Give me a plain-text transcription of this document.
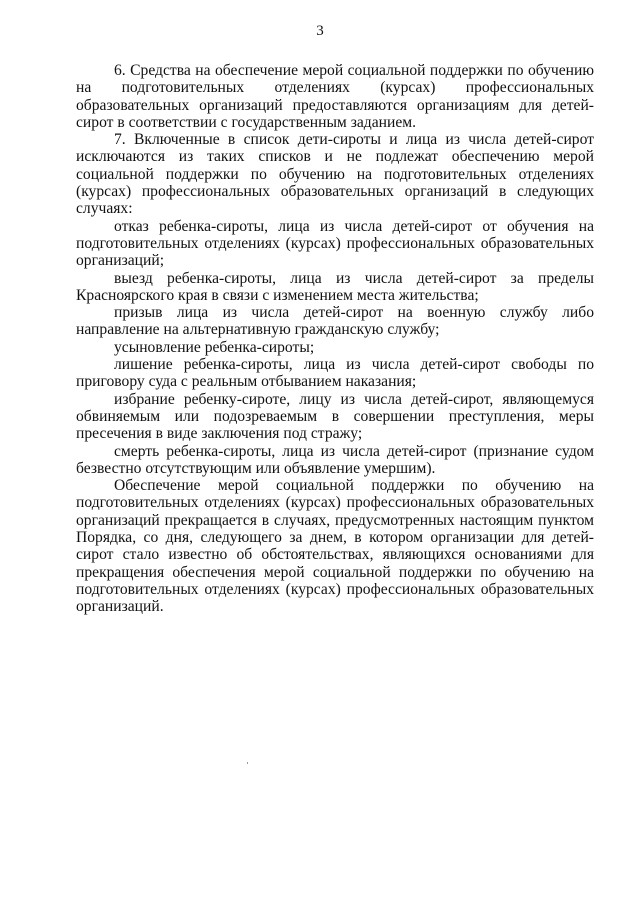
3

6. Средства на обеспечение мерой социальной поддержки по обучению на подготовительных отделениях (курсах) профессиональных образовательных организаций предоставляются организациям для детей-сирот в соответствии с государственным заданием.

7. Включенные в список дети-сироты и лица из числа детей-сирот исключаются из таких списков и не подлежат обеспечению мерой социальной поддержки по обучению на подготовительных отделениях (курсах) профессиональных образовательных организаций в следующих случаях:

отказ ребенка-сироты, лица из числа детей-сирот от обучения на подготовительных отделениях (курсах) профессиональных образовательных организаций;

выезд ребенка-сироты, лица из числа детей-сирот за пределы Красноярского края в связи с изменением места жительства;

призыв лица из числа детей-сирот на военную службу либо направление на альтернативную гражданскую службу;

усыновление ребенка-сироты;

лишение ребенка-сироты, лица из числа детей-сирот свободы по приговору суда с реальным отбыванием наказания;

избрание ребенку-сироте, лицу из числа детей-сирот, являющемуся обвиняемым или подозреваемым в совершении преступления, меры пресечения в виде заключения под стражу;

смерть ребенка-сироты, лица из числа детей-сирот (признание судом безвестно отсутствующим или объявление умершим).

Обеспечение мерой социальной поддержки по обучению на подготовительных отделениях (курсах) профессиональных образовательных организаций прекращается в случаях, предусмотренных настоящим пунктом Порядка, со дня, следующего за днем, в котором организации для детей-сирот стало известно об обстоятельствах, являющихся основаниями для прекращения обеспечения мерой социальной поддержки по обучению на подготовительных отделениях (курсах) профессиональных образовательных организаций.
